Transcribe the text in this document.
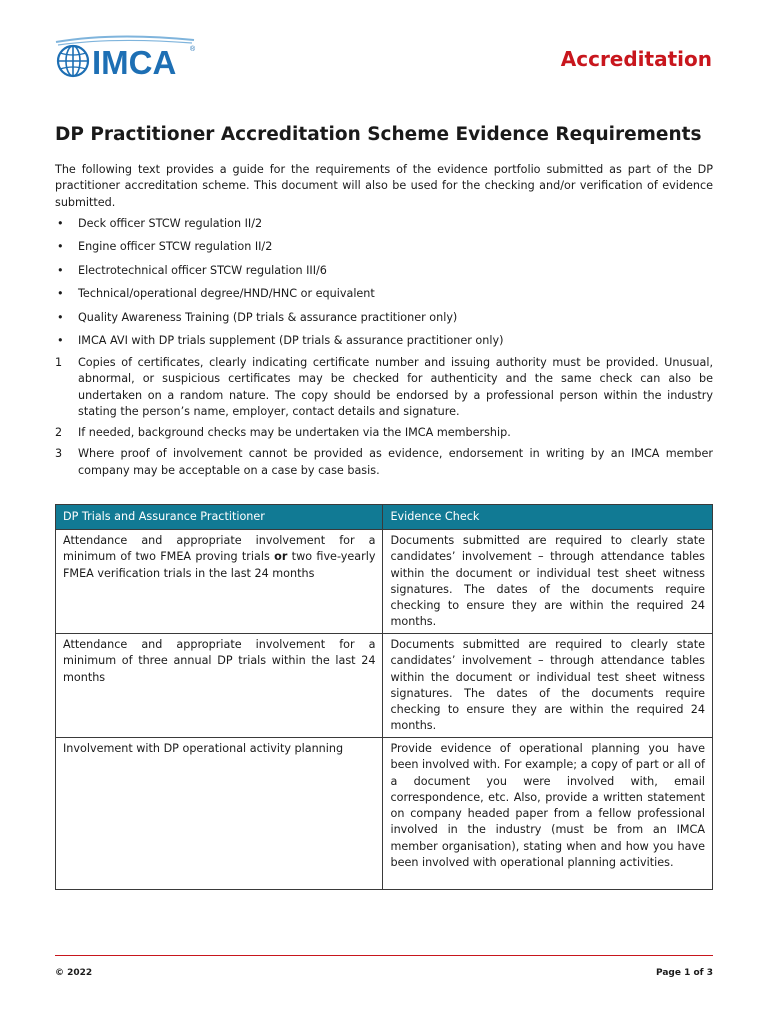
IMCA ®	Accreditation
DP Practitioner Accreditation Scheme Evidence Requirements
The following text provides a guide for the requirements of the evidence portfolio submitted as part of the DP practitioner accreditation scheme. This document will also be used for the checking and/or verification of evidence submitted.
• Deck officer STCW regulation II/2
• Engine officer STCW regulation II/2
• Electrotechnical officer STCW regulation III/6
• Technical/operational degree/HND/HNC or equivalent
• Quality Awareness Training (DP trials & assurance practitioner only)
• IMCA AVI with DP trials supplement (DP trials & assurance practitioner only)
1 Copies of certificates, clearly indicating certificate number and issuing authority must be provided. Unusual, abnormal, or suspicious certificates may be checked for authenticity and the same check can also be undertaken on a random nature. The copy should be endorsed by a professional person within the industry stating the person’s name, employer, contact details and signature.
2 If needed, background checks may be undertaken via the IMCA membership.
3 Where proof of involvement cannot be provided as evidence, endorsement in writing by an IMCA member company may be acceptable on a case by case basis.
DP Trials and Assurance Practitioner	Evidence Check
Attendance and appropriate involvement for a minimum of two FMEA proving trials or two five-yearly FMEA verification trials in the last 24 months	Documents submitted are required to clearly state candidates’ involvement – through attendance tables within the document or individual test sheet witness signatures. The dates of the documents require checking to ensure they are within the required 24 months.
Attendance and appropriate involvement for a minimum of three annual DP trials within the last 24 months	Documents submitted are required to clearly state candidates’ involvement – through attendance tables within the document or individual test sheet witness signatures. The dates of the documents require checking to ensure they are within the required 24 months.
Involvement with DP operational activity planning	Provide evidence of operational planning you have been involved with. For example; a copy of part or all of a document you were involved with, email correspondence, etc. Also, provide a written statement on company headed paper from a fellow professional involved in the industry (must be from an IMCA member organisation), stating when and how you have been involved with operational planning activities.
© 2022	Page 1 of 3
